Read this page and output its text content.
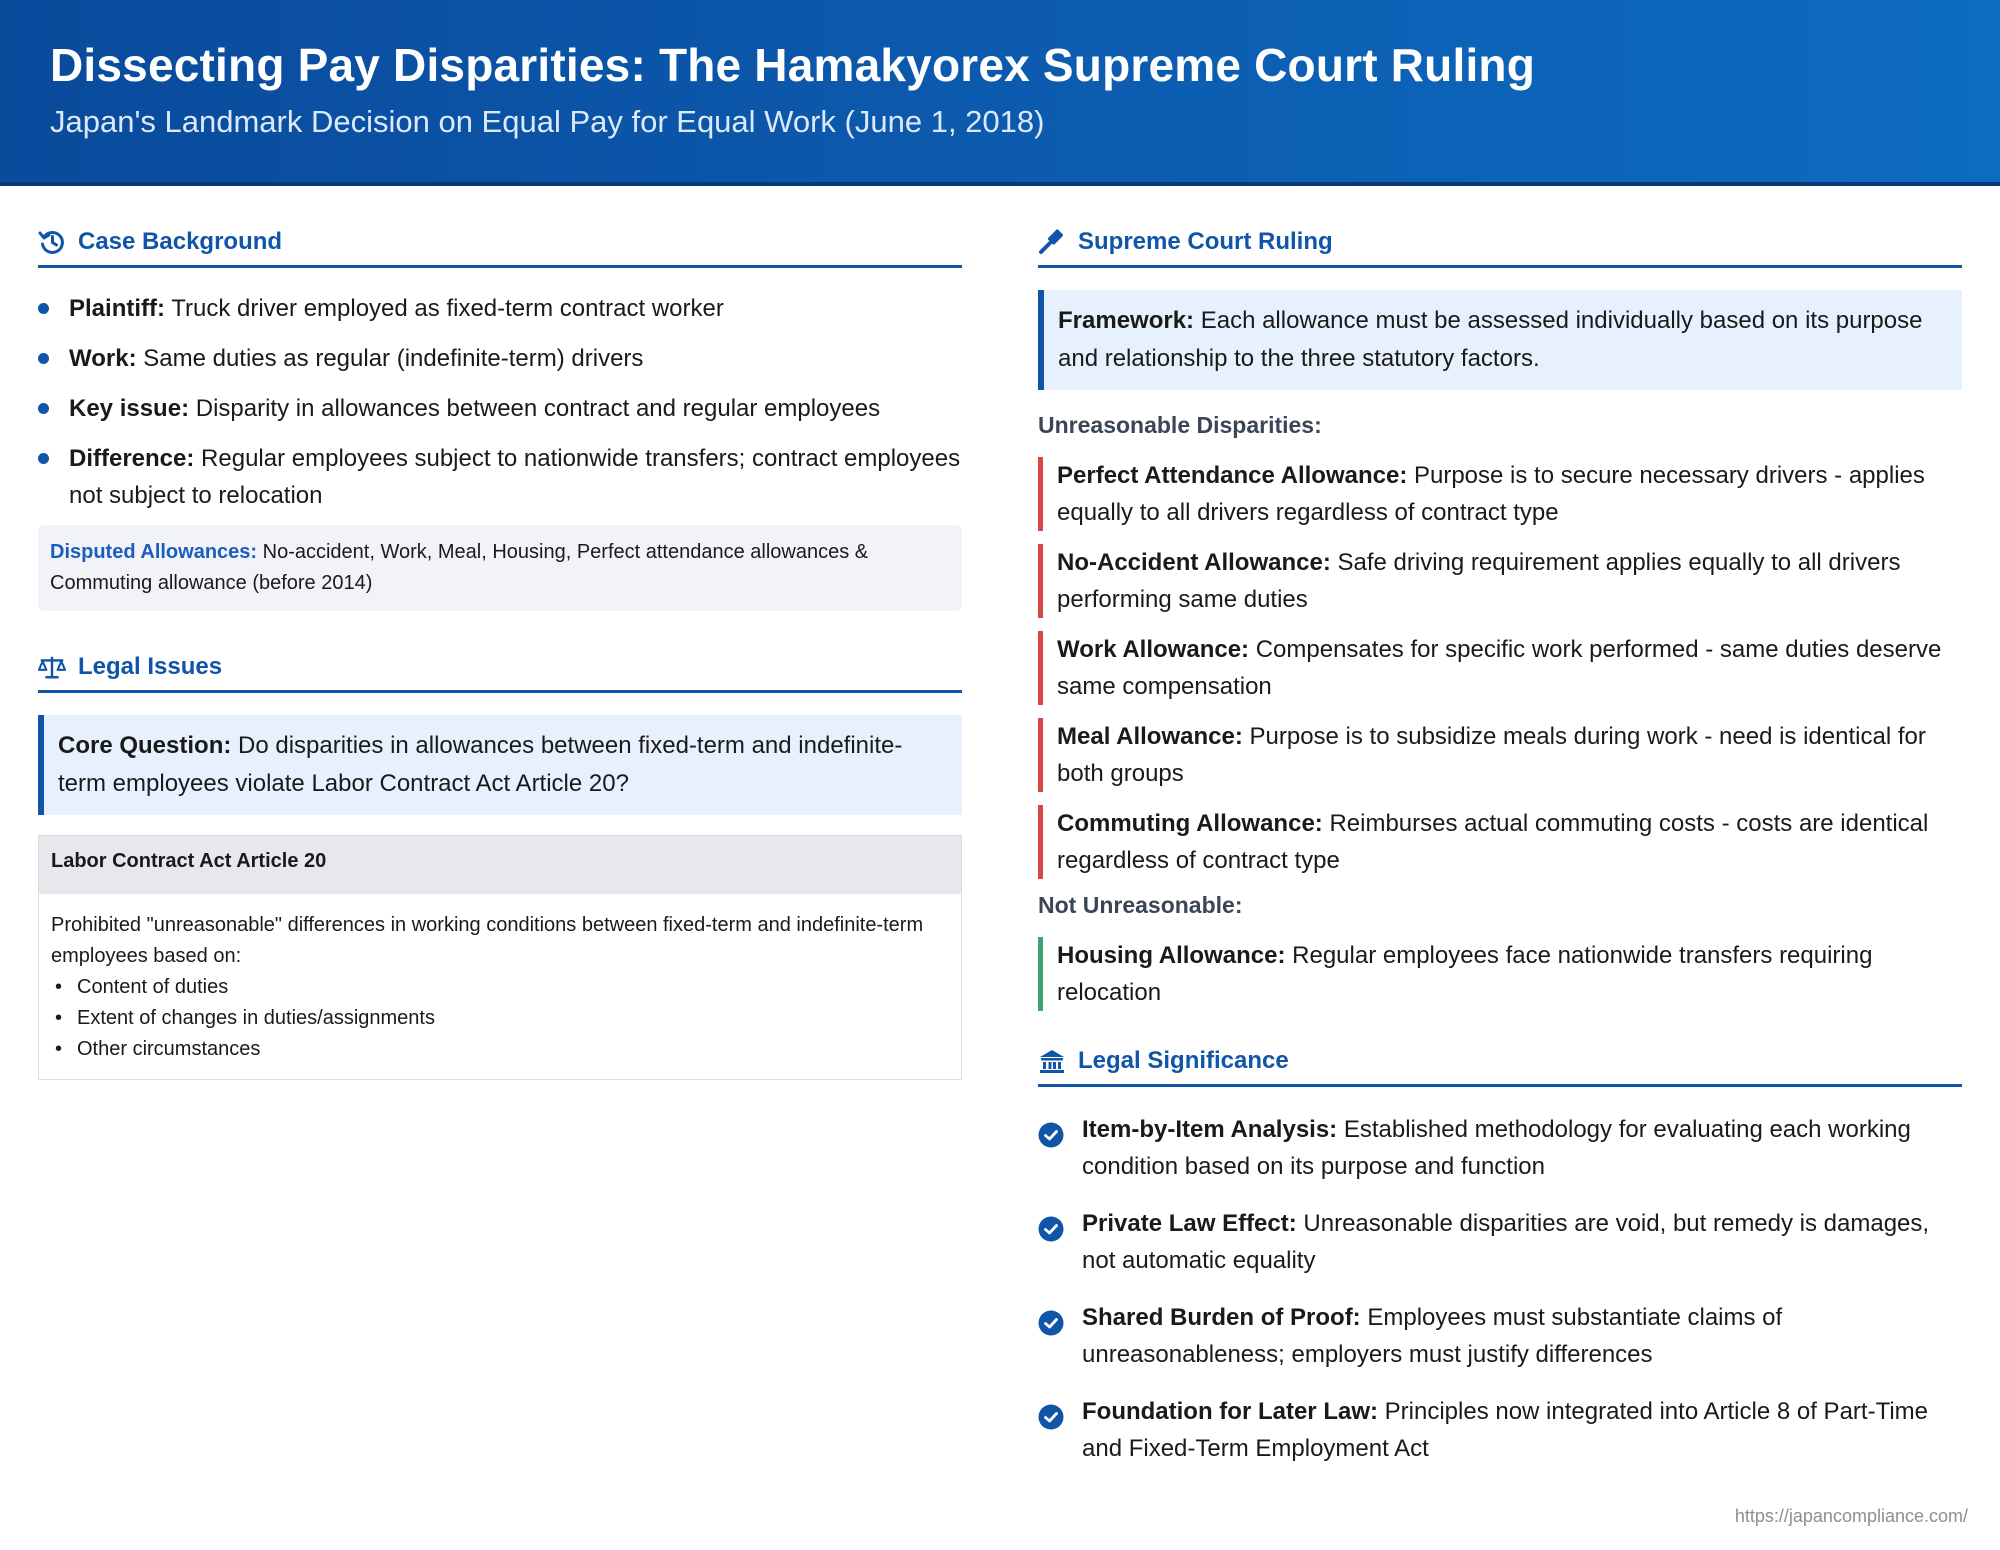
Dissecting Pay Disparities: The Hamakyorex Supreme Court Ruling
Japan's Landmark Decision on Equal Pay for Equal Work (June 1, 2018)
Case Background
Plaintiff: Truck driver employed as fixed-term contract worker
Work: Same duties as regular (indefinite-term) drivers
Key issue: Disparity in allowances between contract and regular employees
Difference: Regular employees subject to nationwide transfers; contract employees not subject to relocation
Disputed Allowances: No-accident, Work, Meal, Housing, Perfect attendance allowances & Commuting allowance (before 2014)
Legal Issues
Core Question: Do disparities in allowances between fixed-term and indefinite-term employees violate Labor Contract Act Article 20?
Labor Contract Act Article 20
Prohibited "unreasonable" differences in working conditions between fixed-term and indefinite-term employees based on:
• Content of duties
• Extent of changes in duties/assignments
• Other circumstances
Supreme Court Ruling
Framework: Each allowance must be assessed individually based on its purpose and relationship to the three statutory factors.
Unreasonable Disparities:
Perfect Attendance Allowance: Purpose is to secure necessary drivers - applies equally to all drivers regardless of contract type
No-Accident Allowance: Safe driving requirement applies equally to all drivers performing same duties
Work Allowance: Compensates for specific work performed - same duties deserve same compensation
Meal Allowance: Purpose is to subsidize meals during work - need is identical for both groups
Commuting Allowance: Reimburses actual commuting costs - costs are identical regardless of contract type
Not Unreasonable:
Housing Allowance: Regular employees face nationwide transfers requiring relocation
Legal Significance
Item-by-Item Analysis: Established methodology for evaluating each working condition based on its purpose and function
Private Law Effect: Unreasonable disparities are void, but remedy is damages, not automatic equality
Shared Burden of Proof: Employees must substantiate claims of unreasonableness; employers must justify differences
Foundation for Later Law: Principles now integrated into Article 8 of Part-Time and Fixed-Term Employment Act
https://japancompliance.com/
